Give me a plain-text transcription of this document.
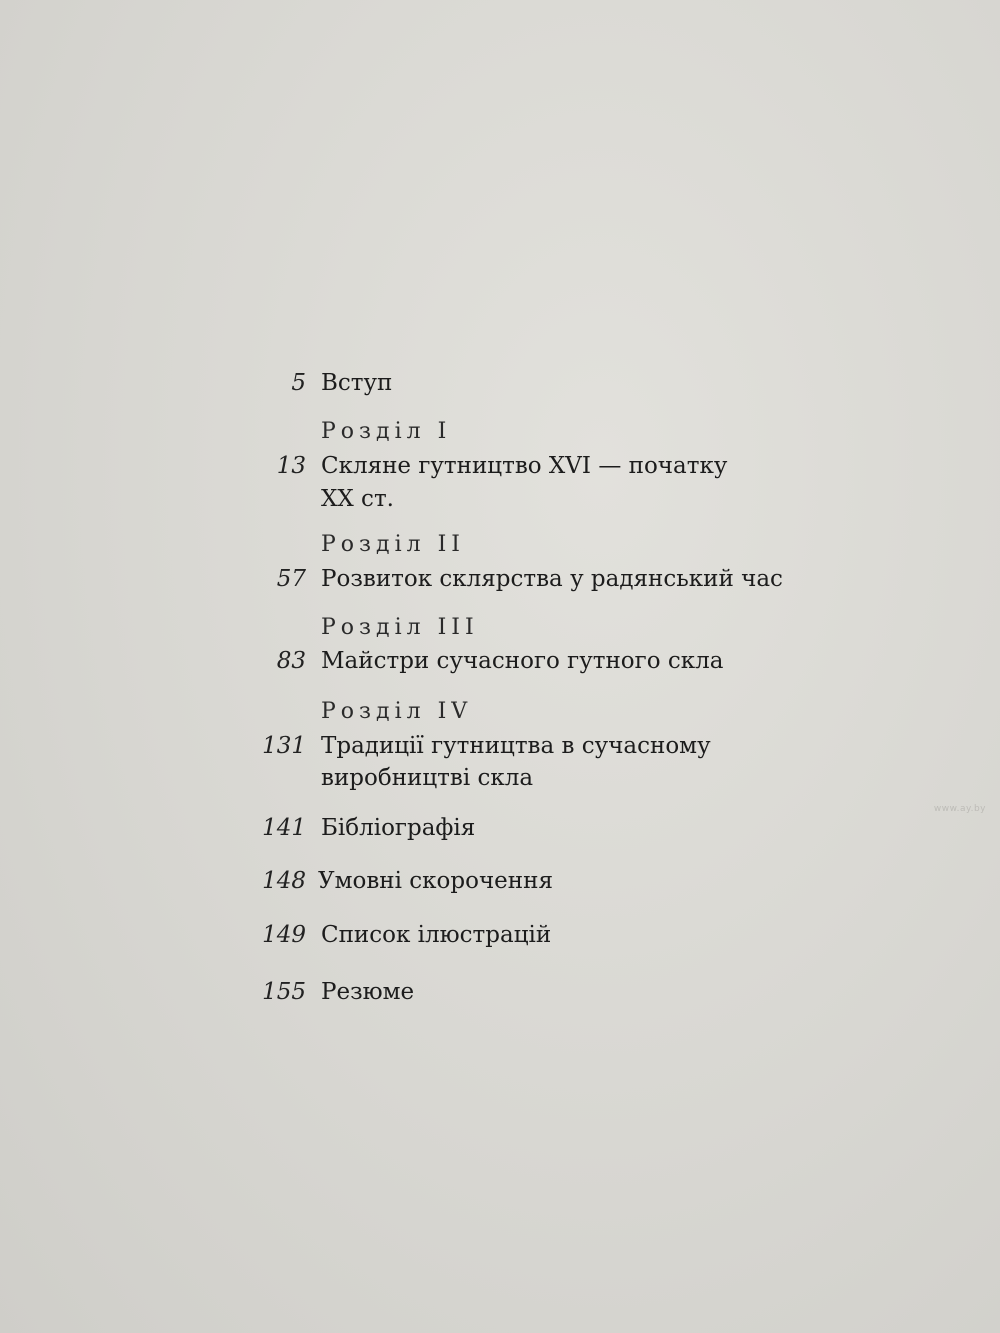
5 Вступ
Розділ I
13 Скляне гутництво XVI — початку
XX ст.
Розділ II
57 Розвиток склярства у радянський час
Розділ III
83 Майстри сучасного гутного скла
Розділ IV
131 Традиції гутництва в сучасному
виробництві скла
141 Бібліографія
148 Умовні скорочення
149 Список ілюстрацій
155 Резюме
www.ay.by
